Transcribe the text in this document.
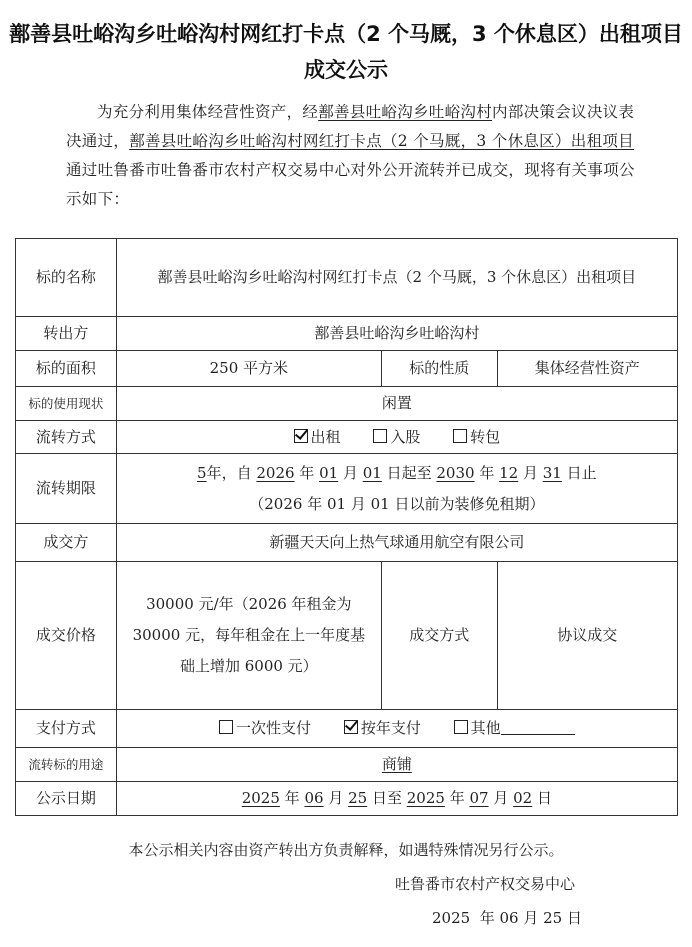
鄯善县吐峪沟乡吐峪沟村网红打卡点（2 个马厩，3 个休息区）出租项目成交公示
为充分利用集体经营性资产，经鄯善县吐峪沟乡吐峪沟村内部决策会议决议表决通过，鄯善县吐峪沟乡吐峪沟村网红打卡点（2 个马厩，3 个休息区）出租项目通过吐鲁番市吐鲁番市农村产权交易中心对外公开流转并已成交，现将有关事项公示如下：
标的名称	鄯善县吐峪沟乡吐峪沟村网红打卡点（2 个马厩，3 个休息区）出租项目		
转出方	鄯善县吐峪沟乡吐峪沟村		
标的面积	250 平方米	标的性质	集体经营性资产
标的使用现状	闲置		
流转方式	出租 入股 转包		
流转期限	5年，自 2026 年 01 月 01 日起至 2030 年 12 月 31 日止
（2026 年 01 月 01 日以前为装修免租期）		

成交方	新疆天天向上热气球通用航空有限公司		
成交价格	30000 元/年（2026 年租金为 30000 元，每年租金在上一年度基础上增加 6000 元）	成交方式	协议成交
支付方式	一次性支付 按年支付 其他		
流转标的用途	商铺		
公示日期	2025 年 06 月 25 日至 2025 年 07 月 02 日		
本公示相关内容由资产转出方负责解释，如遇特殊情况另行公示。
吐鲁番市农村产权交易中心
2025  年 06 月 25 日
